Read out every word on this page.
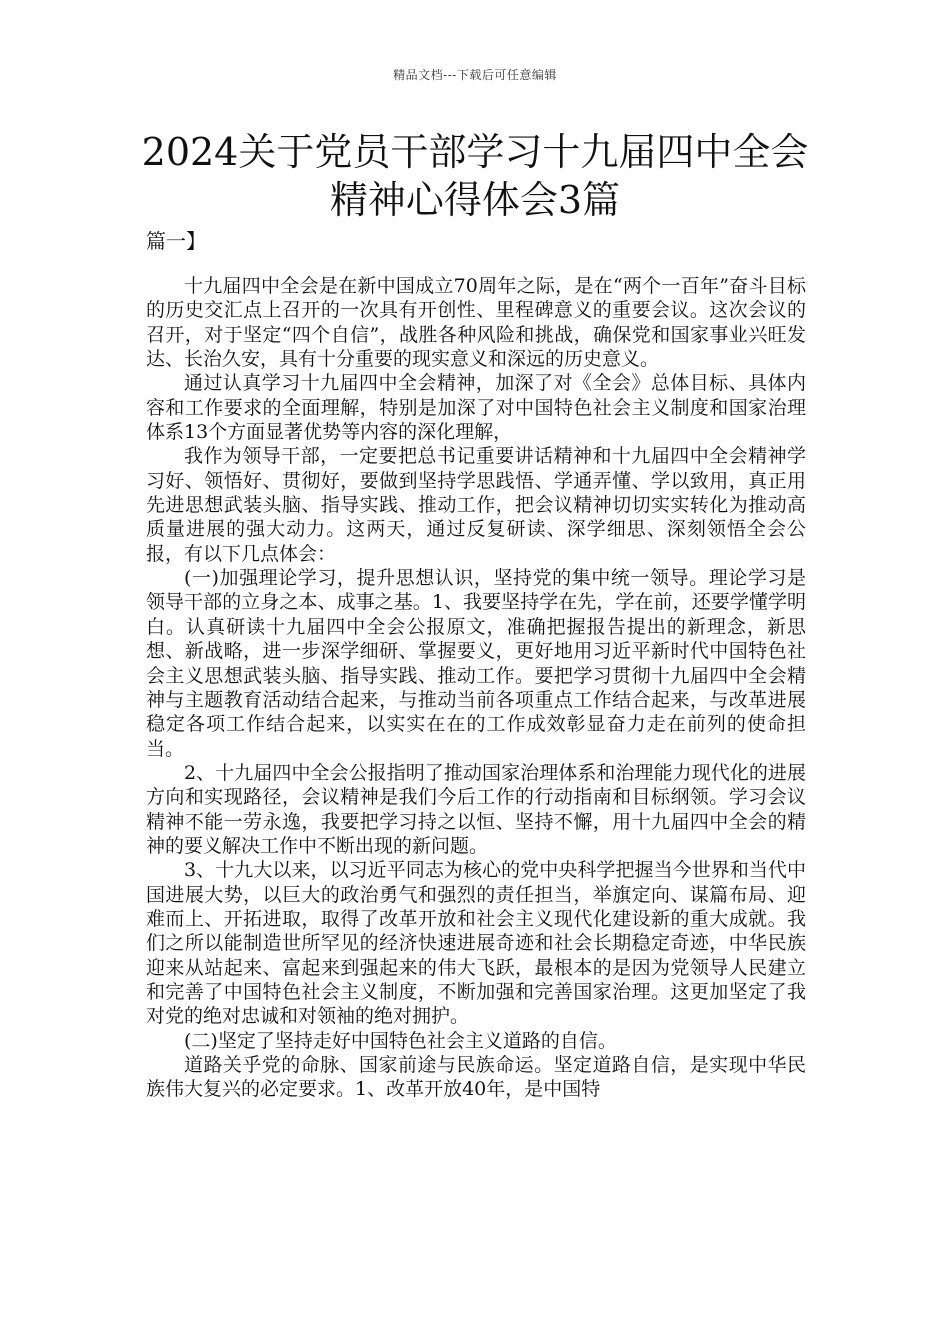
精品文档---下载后可任意编辑
2024关于党员干部学习十九届四中全会
精神心得体会3篇
篇一】

十九届四中全会是在新中国成立70周年之际，是在“两个一百年”奋斗目标的历史交汇点上召开的一次具有开创性、里程碑意义的重要会议。这次会议的召开，对于坚定“四个自信”，战胜各种风险和挑战，确保党和国家事业兴旺发达、长治久安，具有十分重要的现实意义和深远的历史意义。

通过认真学习十九届四中全会精神，加深了对《全会》总体目标、具体内容和工作要求的全面理解，特别是加深了对中国特色社会主义制度和国家治理体系13个方面显著优势等内容的深化理解，

我作为领导干部，一定要把总书记重要讲话精神和十九届四中全会精神学习好、领悟好、贯彻好，要做到坚持学思践悟、学通弄懂、学以致用，真正用先进思想武装头脑、指导实践、推动工作，把会议精神切切实实转化为推动高质量进展的强大动力。这两天，通过反复研读、深学细思、深刻领悟全会公报，有以下几点体会：

(一)加强理论学习，提升思想认识，坚持党的集中统一领导。理论学习是领导干部的立身之本、成事之基。1、我要坚持学在先，学在前，还要学懂学明白。认真研读十九届四中全会公报原文，准确把握报告提出的新理念，新思想、新战略，进一步深学细研、掌握要义，更好地用习近平新时代中国特色社会主义思想武装头脑、指导实践、推动工作。要把学习贯彻十九届四中全会精神与主题教育活动结合起来，与推动当前各项重点工作结合起来，与改革进展稳定各项工作结合起来，以实实在在的工作成效彰显奋力走在前列的使命担当。

2、十九届四中全会公报指明了推动国家治理体系和治理能力现代化的进展方向和实现路径，会议精神是我们今后工作的行动指南和目标纲领。学习会议精神不能一劳永逸，我要把学习持之以恒、坚持不懈，用十九届四中全会的精神的要义解决工作中不断出现的新问题。

3、十九大以来，以习近平同志为核心的党中央科学把握当今世界和当代中国进展大势，以巨大的政治勇气和强烈的责任担当，举旗定向、谋篇布局、迎难而上、开拓进取，取得了改革开放和社会主义现代化建设新的重大成就。我们之所以能制造世所罕见的经济快速进展奇迹和社会长期稳定奇迹，中华民族迎来从站起来、富起来到强起来的伟大飞跃，最根本的是因为党领导人民建立和完善了中国特色社会主义制度，不断加强和完善国家治理。这更加坚定了我对党的绝对忠诚和对领袖的绝对拥护。

(二)坚定了坚持走好中国特色社会主义道路的自信。

道路关乎党的命脉、国家前途与民族命运。坚定道路自信，是实现中华民族伟大复兴的必定要求。1、改革开放40年，是中国特
